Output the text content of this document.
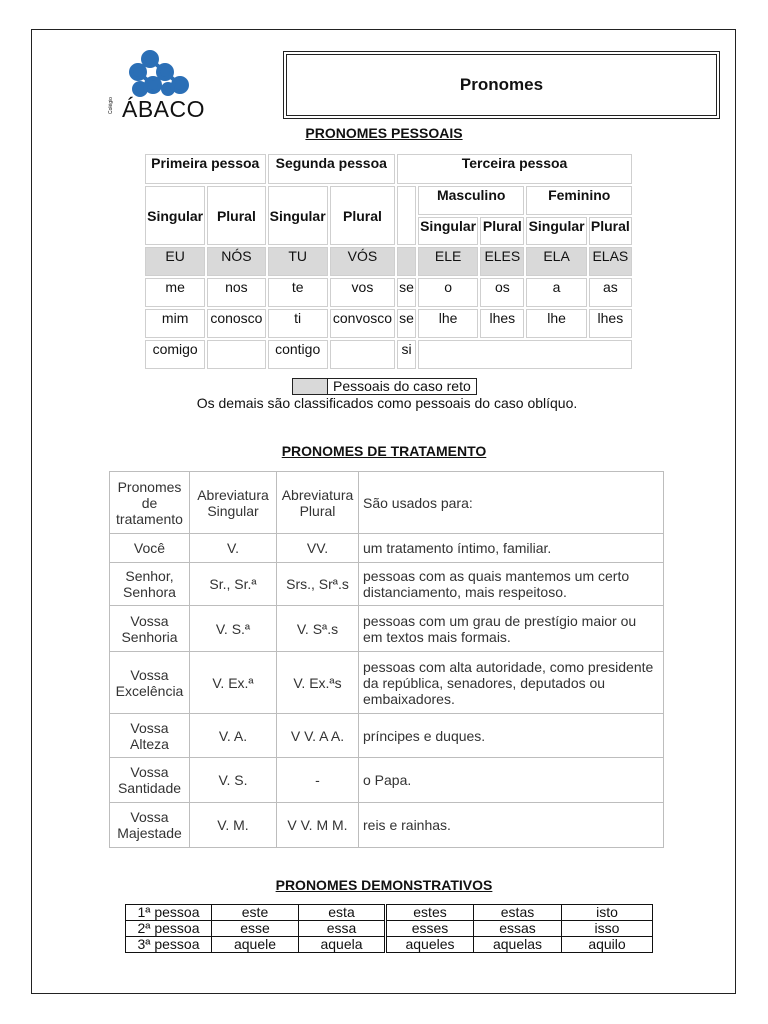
ÁBACO
Colégio
Pronomes
PRONOMES PESSOAIS
Primeira pessoa		Segunda pessoa		Terceira pessoa				
Singular	Plural	Singular	Plural		Masculino		Feminino	
					Singular	Plural	Singular	Plural
EU	NÓS	TU	VÓS		ELE	ELES	ELA	ELAS
me	nos	te	vos	se	o	os	a	as
mim	conosco	ti	convosco	se	lhe	lhes	lhe	lhes
comigo		contigo		si				
Pessoais do caso reto
Os demais são classificados como pessoais do caso oblíquo.
PRONOMES DE TRATAMENTO
Pronomes de tratamento	Abreviatura Singular	Abreviatura Plural	São usados para:
Você	V.	VV.	um tratamento íntimo, familiar.
Senhor, Senhora	Sr., Sr.ª	Srs., Srª.s	pessoas com as quais mantemos um certo distanciamento, mais respeitoso.
Vossa Senhoria	V. S.ª	V. Sª.s	pessoas com um grau de prestígio maior ou em textos mais formais.
Vossa Excelência	V. Ex.ª	V. Ex.ªs	pessoas com alta autoridade, como presidente da república, senadores, deputados ou embaixadores.
Vossa Alteza	V. A.	V V. A A.	príncipes e duques.
Vossa Santidade	V. S.	-	o Papa.
Vossa Majestade	V. M.	V V. M M.	reis e rainhas.
PRONOMES DEMONSTRATIVOS
1ª pessoa	este	esta	estes	estas	isto
2ª pessoa	esse	essa	esses	essas	isso
3ª pessoa	aquele	aquela	aqueles	aquelas	aquilo
